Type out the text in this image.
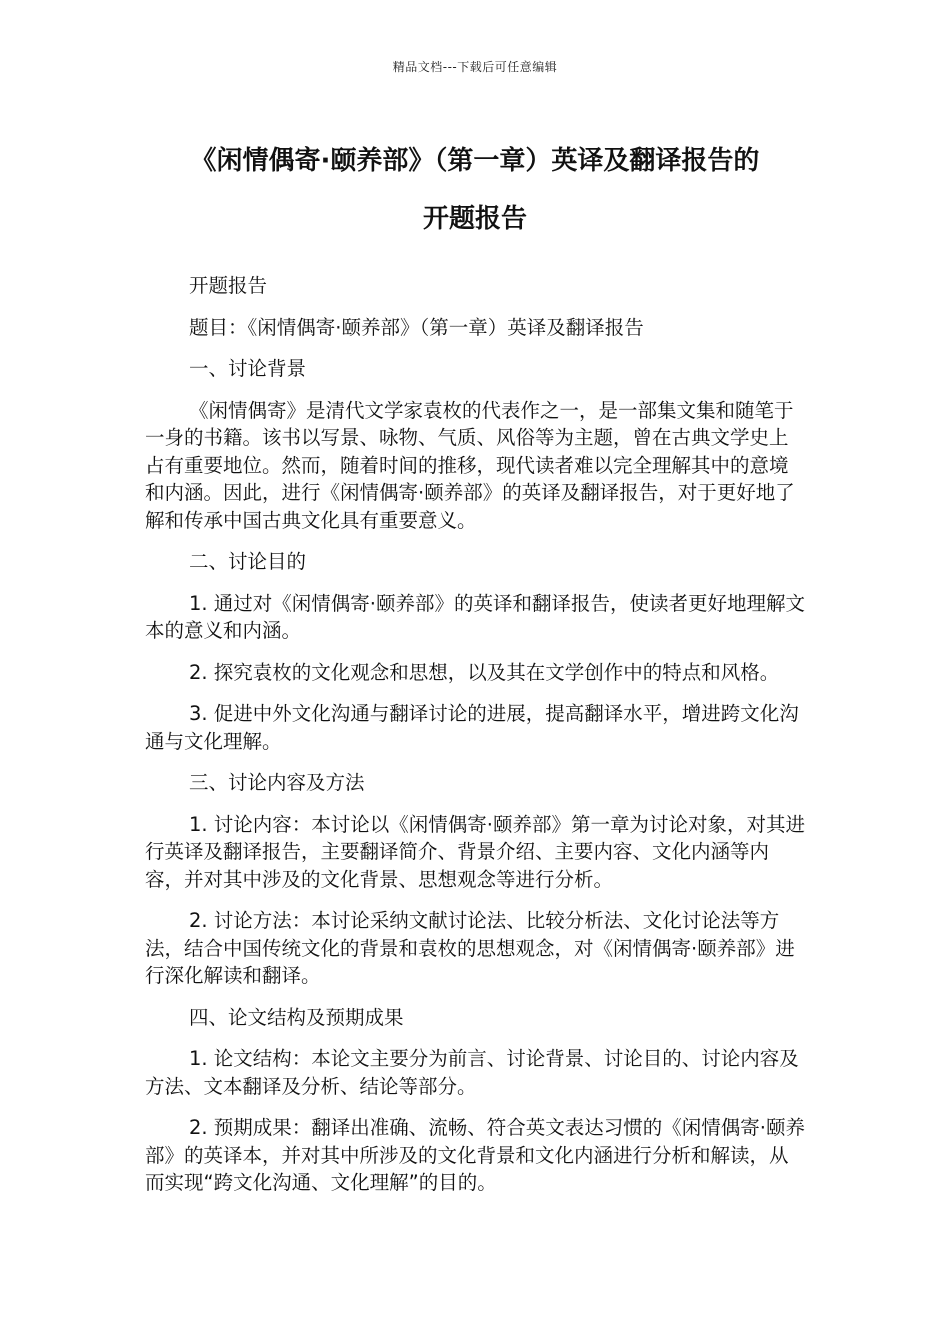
精品文档---下载后可任意编辑
《闲情偶寄·颐养部》（第一章）英译及翻译报告的
开题报告

开题报告

题目：《闲情偶寄·颐养部》（第一章）英译及翻译报告

一、讨论背景

《闲情偶寄》是清代文学家袁枚的代表作之一，是一部集文集和随笔于一身的书籍。该书以写景、咏物、气质、风俗等为主题，曾在古典文学史上占有重要地位。然而，随着时间的推移，现代读者难以完全理解其中的意境和内涵。因此，进行《闲情偶寄·颐养部》的英译及翻译报告，对于更好地了解和传承中国古典文化具有重要意义。

二、讨论目的

1. 通过对《闲情偶寄·颐养部》的英译和翻译报告，使读者更好地理解文本的意义和内涵。

2. 探究袁枚的文化观念和思想，以及其在文学创作中的特点和风格。

3. 促进中外文化沟通与翻译讨论的进展，提高翻译水平，增进跨文化沟通与文化理解。

三、讨论内容及方法

1. 讨论内容：本讨论以《闲情偶寄·颐养部》第一章为讨论对象，对其进行英译及翻译报告，主要翻译简介、背景介绍、主要内容、文化内涵等内容，并对其中涉及的文化背景、思想观念等进行分析。

2. 讨论方法：本讨论采纳文献讨论法、比较分析法、文化讨论法等方法，结合中国传统文化的背景和袁枚的思想观念，对《闲情偶寄·颐养部》进行深化解读和翻译。

四、论文结构及预期成果

1. 论文结构：本论文主要分为前言、讨论背景、讨论目的、讨论内容及方法、文本翻译及分析、结论等部分。

2. 预期成果：翻译出准确、流畅、符合英文表达习惯的《闲情偶寄·颐养部》的英译本，并对其中所涉及的文化背景和文化内涵进行分析和解读，从而实现“跨文化沟通、文化理解”的目的。
